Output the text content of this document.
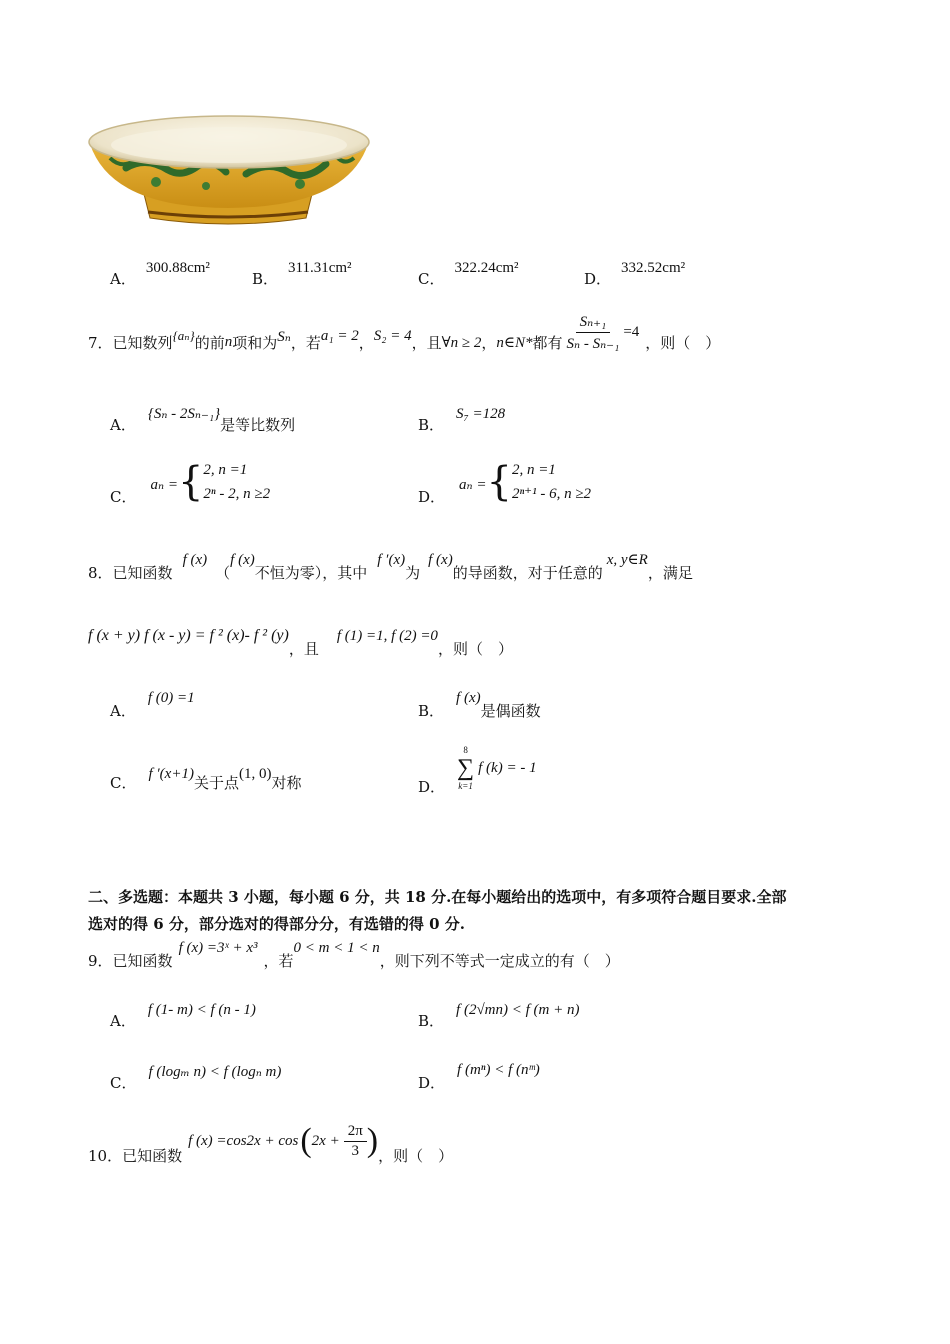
A．300.88cm²
B．311.31cm²
C．322.24cm²
D．332.52cm²
7． 已知数列 {aₙ} 的前 n 项和为 Sₙ ，若 a₁ = 2 ， S₂ = 4 ，且 ∀n ≥ 2 ， n∈N* 都有 $\frac{\text{Sₙ₊₁}}{\text{Sₙ - Sₙ₋₁}} =4$
，则（　）
A．{Sₙ - 2Sₙ₋₁}是等比数列	B．S₇ =128
C．
aₙ = { 2, n =1
2ⁿ - 2, n ≥2	D．
aₙ = { 2, n =1
2ⁿ⁺¹ - 6, n ≥2
8．已知函数f (x)（f (x)不恒为零），其中f ′(x)为f (x)的导函数，对于任意的x, y∈R，满足
f (x + y) f (x - y) = f ² (x)- f ² (y)，且f (1) =1, f (2) =0，则（　）
A．f (0) =1
B．f (x)是偶函数
C． f ′(x+1)关于点(1, 0)对称	D．
8
∑
k=1
f (k) = - 1
二、多选题：本题共 3 小题，每小题 6 分，共 18 分.在每小题给出的选项中，有多项符合题目要求.全部
选对的得 6 分，部分选对的得部分分，有选错的得 0 分.
9．已知函数f (x) =3ˣ + x³，若0 < m < 1 < n，则下列不等式一定成立的有（　）
A．f (1- m) < f (n - 1)
B．f (2√mn) < f (m + n)
C．f (logₘ n) < f (logₙ m)
D．f (mⁿ) < f (nᵐ)
10． 已知函数
f (x) =cos2x + cos ( $2x + \frac{2\pi}{3}$ ) ，则（　）
